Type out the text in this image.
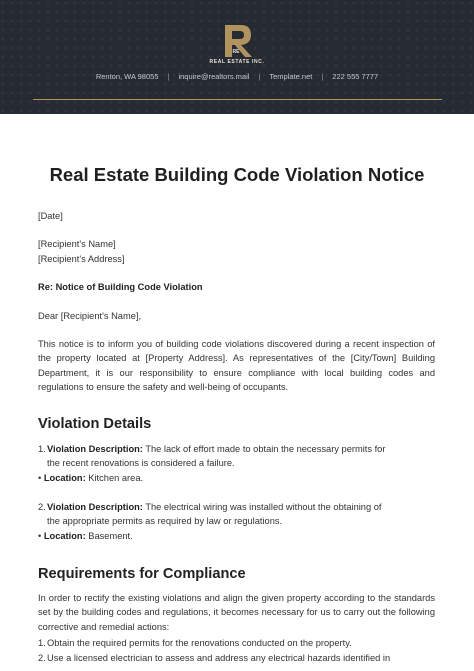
RE
REAL ESTATE INC.
Renton, WA 98055 | inquire@realtors.mail | Template.net | 222 555 7777
Real Estate Building Code Violation Notice
[Date]
[Recipient's Name]
[Recipient's Address]
Re: Notice of Building Code Violation
Dear [Recipient's Name],
This notice is to inform you of building code violations discovered during a recent inspection of the property located at [Property Address]. As representatives of the [City/Town] Building Department, it is our responsibility to ensure compliance with local building codes and regulations to ensure the safety and well-being of occupants.
Violation Details
1.Violation Description: The lack of effort made to obtain the necessary permits for
the recent renovations is considered a failure.
• Location: Kitchen area.
2.Violation Description: The electrical wiring was installed without the obtaining of
the appropriate permits as required by law or regulations.
• Location: Basement.
Requirements for Compliance
In order to rectify the existing violations and align the given property according to the standards set by the building codes and regulations, it becomes necessary for us to carry out the following corrective and remedial actions:
1.Obtain the required permits for the renovations conducted on the property.
2.Use a licensed electrician to assess and address any electrical hazards identified in
